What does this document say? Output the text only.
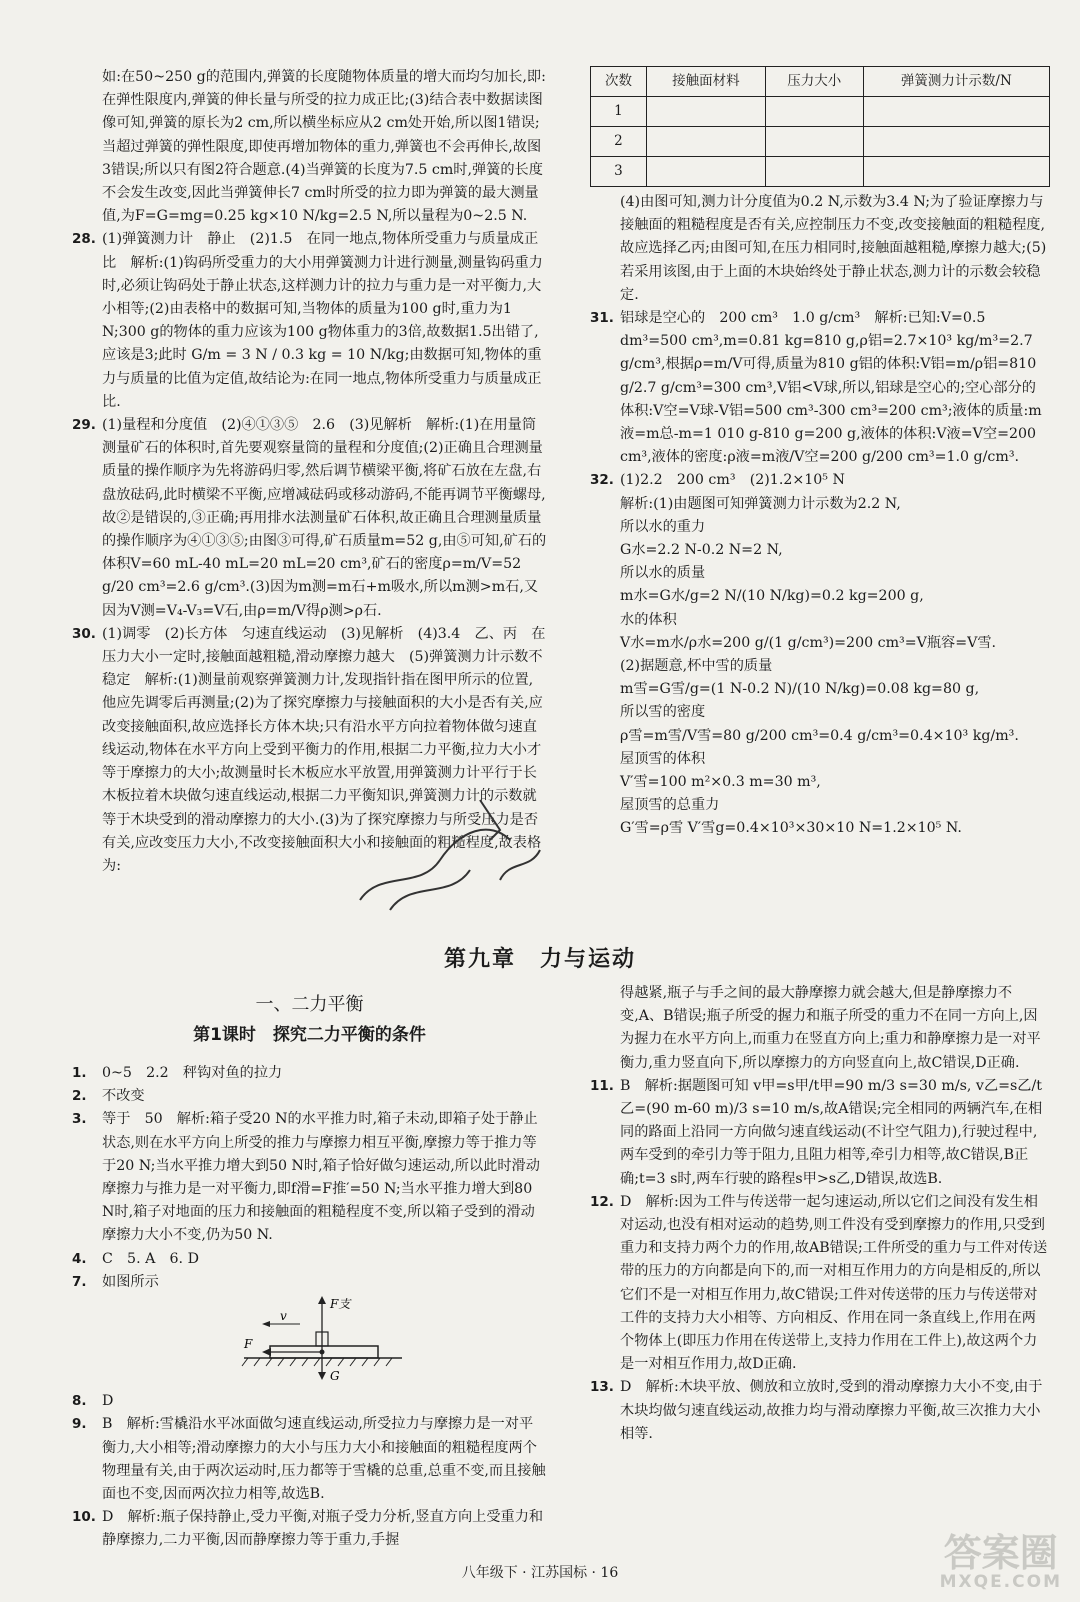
如:在50~250 g的范围内,弹簧的长度随物体质量的增大而均匀加长,即:在弹性限度内,弹簧的伸长量与所受的拉力成正比;(3)结合表中数据读图像可知,弹簧的原长为2 cm,所以横坐标应从2 cm处开始,所以图1错误;当超过弹簧的弹性限度,即使再增加物体的重力,弹簧也不会再伸长,故图3错误;所以只有图2符合题意.(4)当弹簧的长度为7.5 cm时,弹簧的长度不会发生改变,因此当弹簧伸长7 cm时所受的拉力即为弹簧的最大测量值,为F=G=mg=0.25 kg×10 N/kg=2.5 N,所以量程为0~2.5 N.

28. (1)弹簧测力计　静止　(2)1.5　在同一地点,物体所受重力与质量成正比　解析:(1)钩码所受重力的大小用弹簧测力计进行测量,测量钩码重力时,必须让钩码处于静止状态,这样测力计的拉力与重力是一对平衡力,大小相等;(2)由表格中的数据可知,当物体的质量为100 g时,重力为1 N;300 g的物体的重力应该为100 g物体重力的3倍,故数据1.5出错了,应该是3;此时 G/m = 3 N / 0.3 kg = 10 N/kg;由数据可知,物体的重力与质量的比值为定值,故结论为:在同一地点,物体所受重力与质量成正比.

29. (1)量程和分度值　(2)④①③⑤　2.6　(3)见解析　解析:(1)在用量筒测量矿石的体积时,首先要观察量筒的量程和分度值;(2)正确且合理测量质量的操作顺序为先将游码归零,然后调节横梁平衡,将矿石放在左盘,右盘放砝码,此时横梁不平衡,应增减砝码或移动游码,不能再调节平衡螺母,故②是错误的,③正确;再用排水法测量矿石体积,故正确且合理测量质量的操作顺序为④①③⑤;由图③可得,矿石质量m=52 g,由⑤可知,矿石的体积V=60 mL-40 mL=20 mL=20 cm³,矿石的密度ρ=m/V=52 g/20 cm³=2.6 g/cm³.(3)因为m测=m石+m吸水,所以m测>m石,又因为V测=V₄-V₃=V石,由ρ=m/V得ρ测>ρ石.

30. (1)调零　(2)长方体　匀速直线运动　(3)见解析　(4)3.4　乙、丙　在压力大小一定时,接触面越粗糙,滑动摩擦力越大　(5)弹簧测力计示数不稳定　解析:(1)测量前观察弹簧测力计,发现指针指在图甲所示的位置,他应先调零后再测量;(2)为了探究摩擦力与接触面积的大小是否有关,应改变接触面积,故应选择长方体木块;只有沿水平方向拉着物体做匀速直线运动,物体在水平方向上受到平衡力的作用,根据二力平衡,拉力大小才等于摩擦力的大小;故测量时长木板应水平放置,用弹簧测力计平行于长木板拉着木块做匀速直线运动,根据二力平衡知识,弹簧测力计的示数就等于木块受到的滑动摩擦力的大小.(3)为了探究摩擦力与所受压力是否有关,应改变压力大小,不改变接触面积大小和接触面的粗糙程度,故表格为:

次数	接触面材料	压力大小	弹簧测力计示数/N
1			
2			
3			

(4)由图可知,测力计分度值为0.2 N,示数为3.4 N;为了验证摩擦力与接触面的粗糙程度是否有关,应控制压力不变,改变接触面的粗糙程度,故应选择乙丙;由图可知,在压力相同时,接触面越粗糙,摩擦力越大;(5)若采用该图,由于上面的木块始终处于静止状态,测力计的示数会较稳定.

31. 铝球是空心的　200 cm³　1.0 g/cm³　解析:已知:V=0.5 dm³=500 cm³,m=0.81 kg=810 g,ρ铝=2.7×10³ kg/m³=2.7 g/cm³,根据ρ=m/V可得,质量为810 g铝的体积:V铝=m/ρ铝=810 g/2.7 g/cm³=300 cm³,V铝<V球,所以,铝球是空心的;空心部分的体积:V空=V球-V铝=500 cm³-300 cm³=200 cm³;液体的质量:m液=m总-m=1 010 g-810 g=200 g,液体的体积:V液=V空=200 cm³,液体的密度:ρ液=m液/V空=200 g/200 cm³=1.0 g/cm³.

32. (1)2.2　200 cm³　(2)1.2×10⁵ N

解析:(1)由题图可知弹簧测力计示数为2.2 N,

所以水的重力

G水=2.2 N-0.2 N=2 N,

所以水的质量

m水=G水/g=2 N/(10 N/kg)=0.2 kg=200 g,

水的体积

V水=m水/ρ水=200 g/(1 g/cm³)=200 cm³=V瓶容=V雪.

(2)据题意,杯中雪的质量

m雪=G雪/g=(1 N-0.2 N)/(10 N/kg)=0.08 kg=80 g,

所以雪的密度

ρ雪=m雪/V雪=80 g/200 cm³=0.4 g/cm³=0.4×10³ kg/m³.

屋顶雪的体积

V′雪=100 m²×0.3 m=30 m³,

屋顶雪的总重力

G′雪=ρ雪 V′雪g=0.4×10³×30×10 N=1.2×10⁵ N.

第九章　力与运动
一、二力平衡
第1课时　探究二力平衡的条件
1. 0~5　2.2　秤钩对鱼的拉力

2. 不改变

3. 等于　50　解析:箱子受20 N的水平推力时,箱子未动,即箱子处于静止状态,则在水平方向上所受的推力与摩擦力相互平衡,摩擦力等于推力等于20 N;当水平推力增大到50 N时,箱子恰好做匀速运动,所以此时滑动摩擦力与推力是一对平衡力,即f滑=F推′=50 N;当水平推力增大到80 N时,箱子对地面的压力和接触面的粗糙程度不变,所以箱子受到的滑动摩擦力大小不变,仍为50 N.

4. C　5. A　6. D

7. 如图所示

v
F
F支
G
8. D

9. B　解析:雪橇沿水平冰面做匀速直线运动,所受拉力与摩擦力是一对平衡力,大小相等;滑动摩擦力的大小与压力大小和接触面的粗糙程度两个物理量有关,由于两次运动时,压力都等于雪橇的总重,总重不变,而且接触面也不变,因而两次拉力相等,故选B.

10. D　解析:瓶子保持静止,受力平衡,对瓶子受力分析,竖直方向上受重力和静摩擦力,二力平衡,因而静摩擦力等于重力,手握

得越紧,瓶子与手之间的最大静摩擦力就会越大,但是静摩擦力不变,A、B错误;瓶子所受的握力和瓶子所受的重力不在同一方向上,因为握力在水平方向上,而重力在竖直方向上;重力和静摩擦力是一对平衡力,重力竖直向下,所以摩擦力的方向竖直向上,故C错误,D正确.

11. B　解析:据题图可知 v甲=s甲/t甲=90 m/3 s=30 m/s, v乙=s乙/t乙=(90 m-60 m)/3 s=10 m/s,故A错误;完全相同的两辆汽车,在相同的路面上沿同一方向做匀速直线运动(不计空气阻力),行驶过程中,两车受到的牵引力等于阻力,且阻力相等,牵引力相等,故C错误,B正确;t=3 s时,两车行驶的路程s甲>s乙,D错误,故选B.

12. D　解析:因为工件与传送带一起匀速运动,所以它们之间没有发生相对运动,也没有相对运动的趋势,则工件没有受到摩擦力的作用,只受到重力和支持力两个力的作用,故AB错误;工件所受的重力与工件对传送带的压力的方向都是向下的,而一对相互作用力的方向是相反的,所以它们不是一对相互作用力,故C错误;工件对传送带的压力与传送带对工件的支持力大小相等、方向相反、作用在同一条直线上,作用在两个物体上(即压力作用在传送带上,支持力作用在工件上),故这两个力是一对相互作用力,故D正确.

13. D　解析:木块平放、侧放和立放时,受到的滑动摩擦力大小不变,由于木块均做匀速直线运动,故推力均与滑动摩擦力平衡,故三次推力大小相等.

八年级下 · 江苏国标 · 16	答案圈
MXQE.COM
